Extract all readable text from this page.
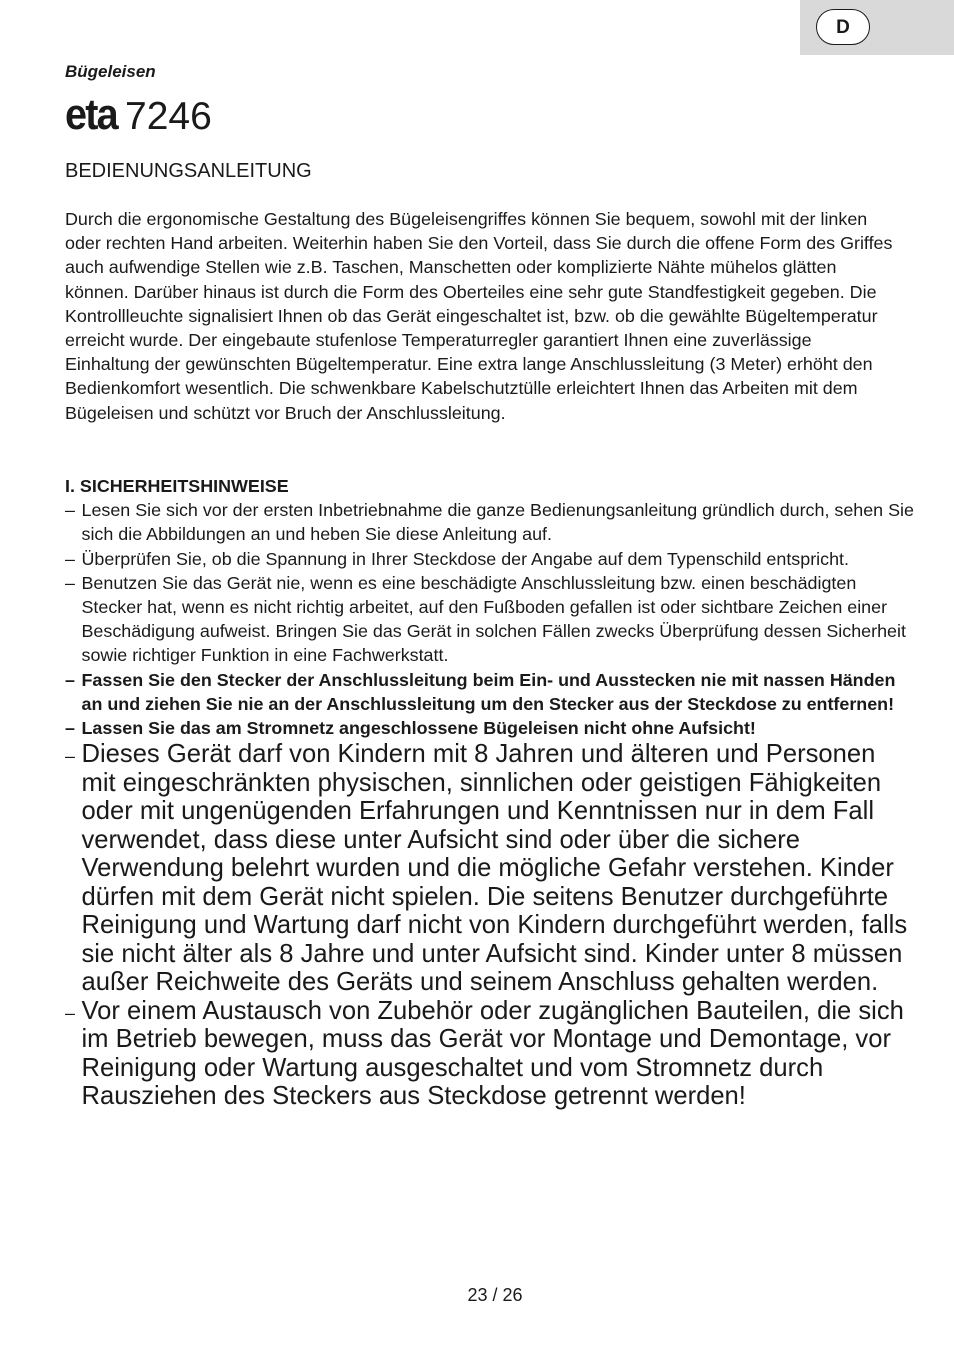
D
Bügeleisen
eta 7246
BEDIENUNGSANLEITUNG
Durch die ergonomische Gestaltung des Bügeleisengriffes können Sie bequem, sowohl mit der linken oder rechten Hand arbeiten. Weiterhin haben Sie den Vorteil, dass Sie durch die offene Form des Griffes auch aufwendige Stellen wie z.B. Taschen, Manschetten oder komplizierte Nähte mühelos glätten können. Darüber hinaus ist durch die Form des Oberteiles eine sehr gute Standfestigkeit gegeben. Die Kontrollleuchte signalisiert Ihnen ob das Gerät eingeschaltet ist, bzw. ob die gewählte Bügeltemperatur erreicht wurde. Der eingebaute stufenlose Temperaturregler garantiert Ihnen eine zuverlässige Einhaltung der gewünschten Bügeltemperatur. Eine extra lange Anschlussleitung (3 Meter) erhöht den Bedienkomfort wesentlich. Die schwenkbare Kabelschutztülle erleichtert Ihnen das Arbeiten mit dem Bügeleisen und schützt vor Bruch der Anschlussleitung.
I. SICHERHEITSHINWEISE
– Lesen Sie sich vor der ersten Inbetriebnahme die ganze Bedienungsanleitung gründlich durch, sehen Sie sich die Abbildungen an und heben Sie diese Anleitung auf.
– Überprüfen Sie, ob die Spannung in Ihrer Steckdose der Angabe auf dem Typenschild entspricht.
– Benutzen Sie das Gerät nie, wenn es eine beschädigte Anschlussleitung bzw. einen beschädigten Stecker hat, wenn es nicht richtig arbeitet, auf den Fußboden gefallen ist oder sichtbare Zeichen einer Beschädigung aufweist. Bringen Sie das Gerät in solchen Fällen zwecks Überprüfung dessen Sicherheit sowie richtiger Funktion in eine Fachwerkstatt.
– Fassen Sie den Stecker der Anschlussleitung beim Ein- und Ausstecken nie mit nassen Händen an und ziehen Sie nie an der Anschlussleitung um den Stecker aus der Steckdose zu entfernen!
– Lassen Sie das am Stromnetz angeschlossene Bügeleisen nicht ohne Aufsicht!
– Dieses Gerät darf von Kindern mit 8 Jahren und älteren und Personen mit eingeschränkten physischen, sinnlichen oder geistigen Fähigkeiten oder mit ungenügenden Erfahrungen und Kenntnissen nur in dem Fall verwendet, dass diese unter Aufsicht sind oder über die sichere Verwendung belehrt wurden und die mögliche Gefahr verstehen. Kinder dürfen mit dem Gerät nicht spielen. Die seitens Benutzer durchgeführte Reinigung und Wartung darf nicht von Kindern durchgeführt werden, falls sie nicht älter als 8 Jahre und unter Aufsicht sind. Kinder unter 8 müssen außer Reichweite des Geräts und seinem Anschluss gehalten werden.
– Vor einem Austausch von Zubehör oder zugänglichen Bauteilen, die sich im Betrieb bewegen, muss das Gerät vor Montage und Demontage, vor Reinigung oder Wartung ausgeschaltet und vom Stromnetz durch Rausziehen des Steckers aus Steckdose getrennt werden!
23 / 26
